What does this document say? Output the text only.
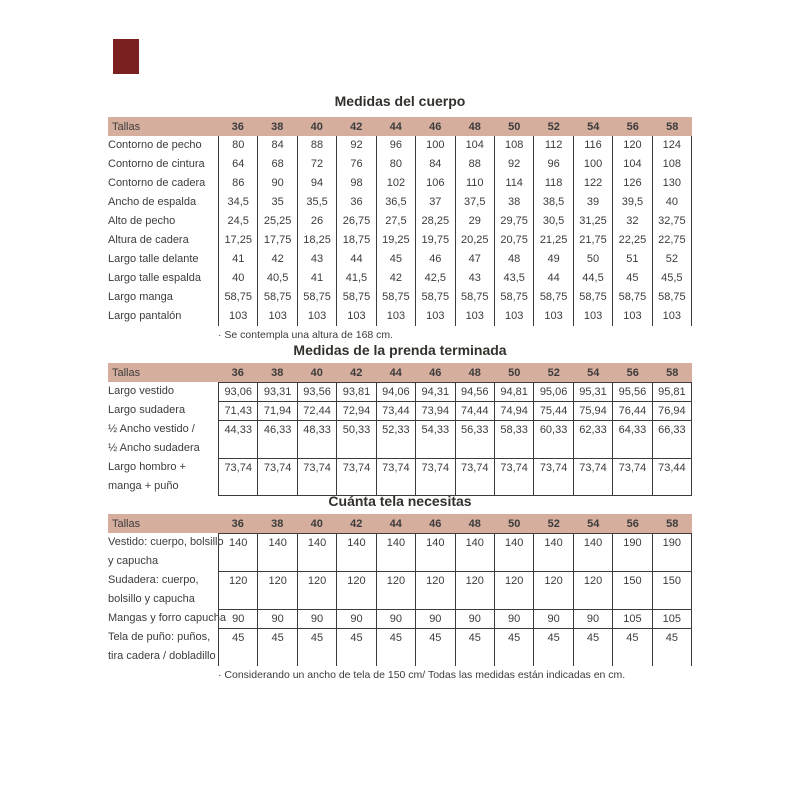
Medidas del cuerpo
Tallas	36	38	40	42	44	46	48	50	52	54	56	58
Contorno de pecho	80	84	88	92	96	100	104	108	112	116	120	124
Contorno de cintura	64	68	72	76	80	84	88	92	96	100	104	108
Contorno de cadera	86	90	94	98	102	106	110	114	118	122	126	130
Ancho de espalda	34,5	35	35,5	36	36,5	37	37,5	38	38,5	39	39,5	40
Alto de pecho	24,5	25,25	26	26,75	27,5	28,25	29	29,75	30,5	31,25	32	32,75
Altura de cadera	17,25	17,75	18,25	18,75	19,25	19,75	20,25	20,75	21,25	21,75	22,25	22,75
Largo talle delante	41	42	43	44	45	46	47	48	49	50	51	52
Largo talle espalda	40	40,5	41	41,5	42	42,5	43	43,5	44	44,5	45	45,5
Largo manga	58,75	58,75	58,75	58,75	58,75	58,75	58,75	58,75	58,75	58,75	58,75	58,75
Largo pantalón	103	103	103	103	103	103	103	103	103	103	103	103
· Se contempla una altura de 168 cm.
Medidas de la prenda terminada
Tallas	36	38	40	42	44	46	48	50	52	54	56	58
Largo vestido	93,06	93,31	93,56	93,81	94,06	94,31	94,56	94,81	95,06	95,31	95,56	95,81
Largo sudadera	71,43	71,94	72,44	72,94	73,44	73,94	74,44	74,94	75,44	75,94	76,44	76,94
½ Ancho vestido /
½ Ancho sudadera
44,33	46,33	48,33	50,33	52,33	54,33	56,33	58,33	60,33	62,33	64,33	66,33
Largo hombro +
manga + puño
73,74	73,74	73,74	73,74	73,74	73,74	73,74	73,74	73,74	73,74	73,74	73,44
Cuánta tela necesitas
Tallas	36	38	40	42	44	46	48	50	52	54	56	58
Vestido: cuerpo, bolsillo
y capucha
140	140	140	140	140	140	140	140	140	140	190	190
Sudadera: cuerpo,
bolsillo y capucha
120	120	120	120	120	120	120	120	120	120	150	150
Mangas y forro capucha 90	90	90	90	90	90	90	90	90	90	105	105
Tela de puño: puños,
tira cadera / dobladillo
45	45	45	45	45	45	45	45	45	45	45	45
· Considerando un ancho de tela de 150 cm/ Todas las medidas están indicadas en cm.
